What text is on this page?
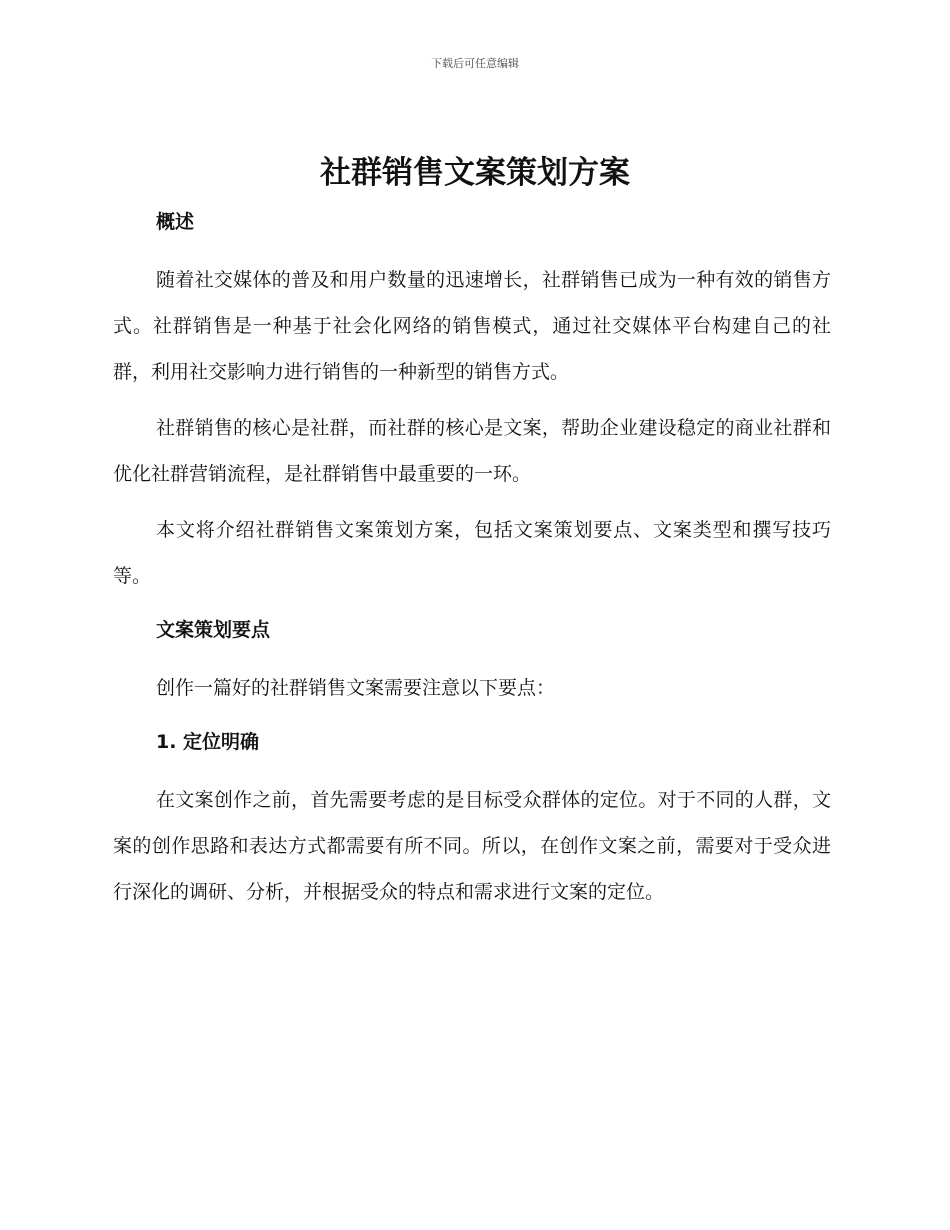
下载后可任意编辑
社群销售文案策划方案
概述

随着社交媒体的普及和用户数量的迅速增长，社群销售已成为一种有效的销售方式。社群销售是一种基于社会化网络的销售模式，通过社交媒体平台构建自己的社群，利用社交影响力进行销售的一种新型的销售方式。

社群销售的核心是社群，而社群的核心是文案，帮助企业建设稳定的商业社群和优化社群营销流程，是社群销售中最重要的一环。

本文将介绍社群销售文案策划方案，包括文案策划要点、文案类型和撰写技巧等。

文案策划要点

创作一篇好的社群销售文案需要注意以下要点：

1. 定位明确

在文案创作之前，首先需要考虑的是目标受众群体的定位。对于不同的人群，文案的创作思路和表达方式都需要有所不同。所以，在创作文案之前，需要对于受众进行深化的调研、分析，并根据受众的特点和需求进行文案的定位。
